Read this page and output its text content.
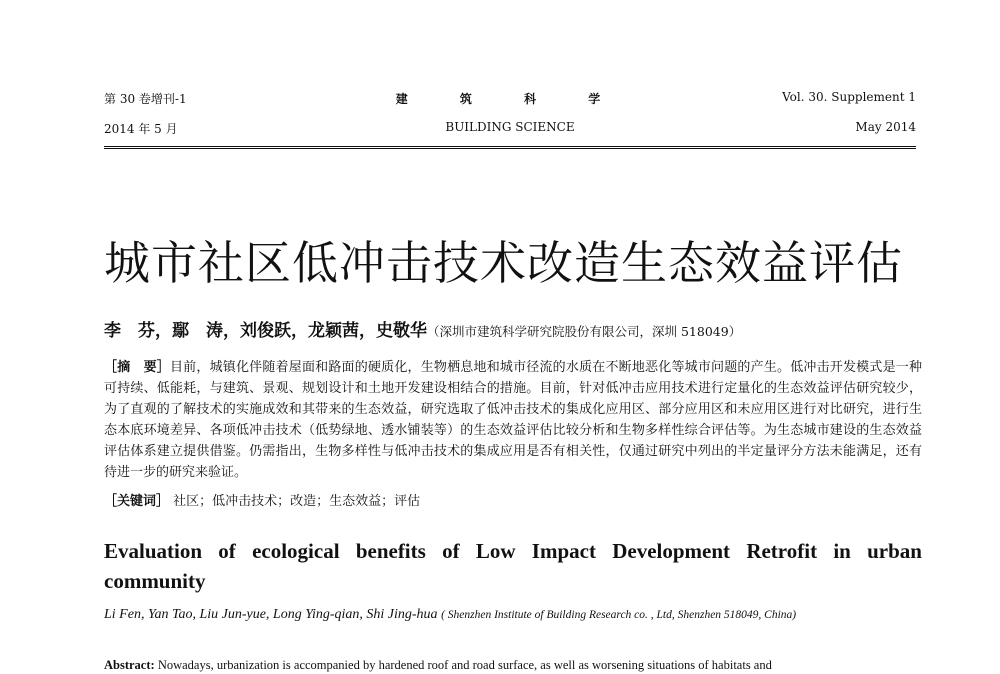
第 30 卷增刊-1	建 筑 科 学	Vol. 30. Supplement 1
2014 年 5 月	BUILDING SCIENCE	May 2014
城市社区低冲击技术改造生态效益评估
李　芬，鄢　涛，刘俊跃，龙颖茜，史敬华（深圳市建筑科学研究院股份有限公司，深圳 518049）

［摘　要］目前，城镇化伴随着屋面和路面的硬质化，生物栖息地和城市径流的水质在不断地恶化等城市问题的产生。低冲击开发模式是一种可持续、低能耗，与建筑、景观、规划设计和土地开发建设相结合的措施。目前，针对低冲击应用技术进行定量化的生态效益评估研究较少，为了直观的了解技术的实施成效和其带来的生态效益，研究选取了低冲击技术的集成化应用区、部分应用区和未应用区进行对比研究，进行生态本底环境差异、各项低冲击技术（低势绿地、透水铺装等）的生态效益评估比较分析和生物多样性综合评估等。为生态城市建设的生态效益评估体系建立提供借鉴。仍需指出，生物多样性与低冲击技术的集成应用是否有相关性，仅通过研究中列出的半定量评分方法未能满足，还有待进一步的研究来验证。

［关键词］ 社区；低冲击技术；改造；生态效益；评估

Evaluation of ecological benefits of Low Impact Development Retrofit in urban community

Li Fen, Yan Tao, Liu Jun-yue, Long Ying-qian, Shi Jing-hua ( Shenzhen Institute of Building Research co. , Ltd, Shenzhen 518049, China)

Abstract: Nowadays, urbanization is accompanied by hardened roof and road surface, as well as worsening situations of habitats and
